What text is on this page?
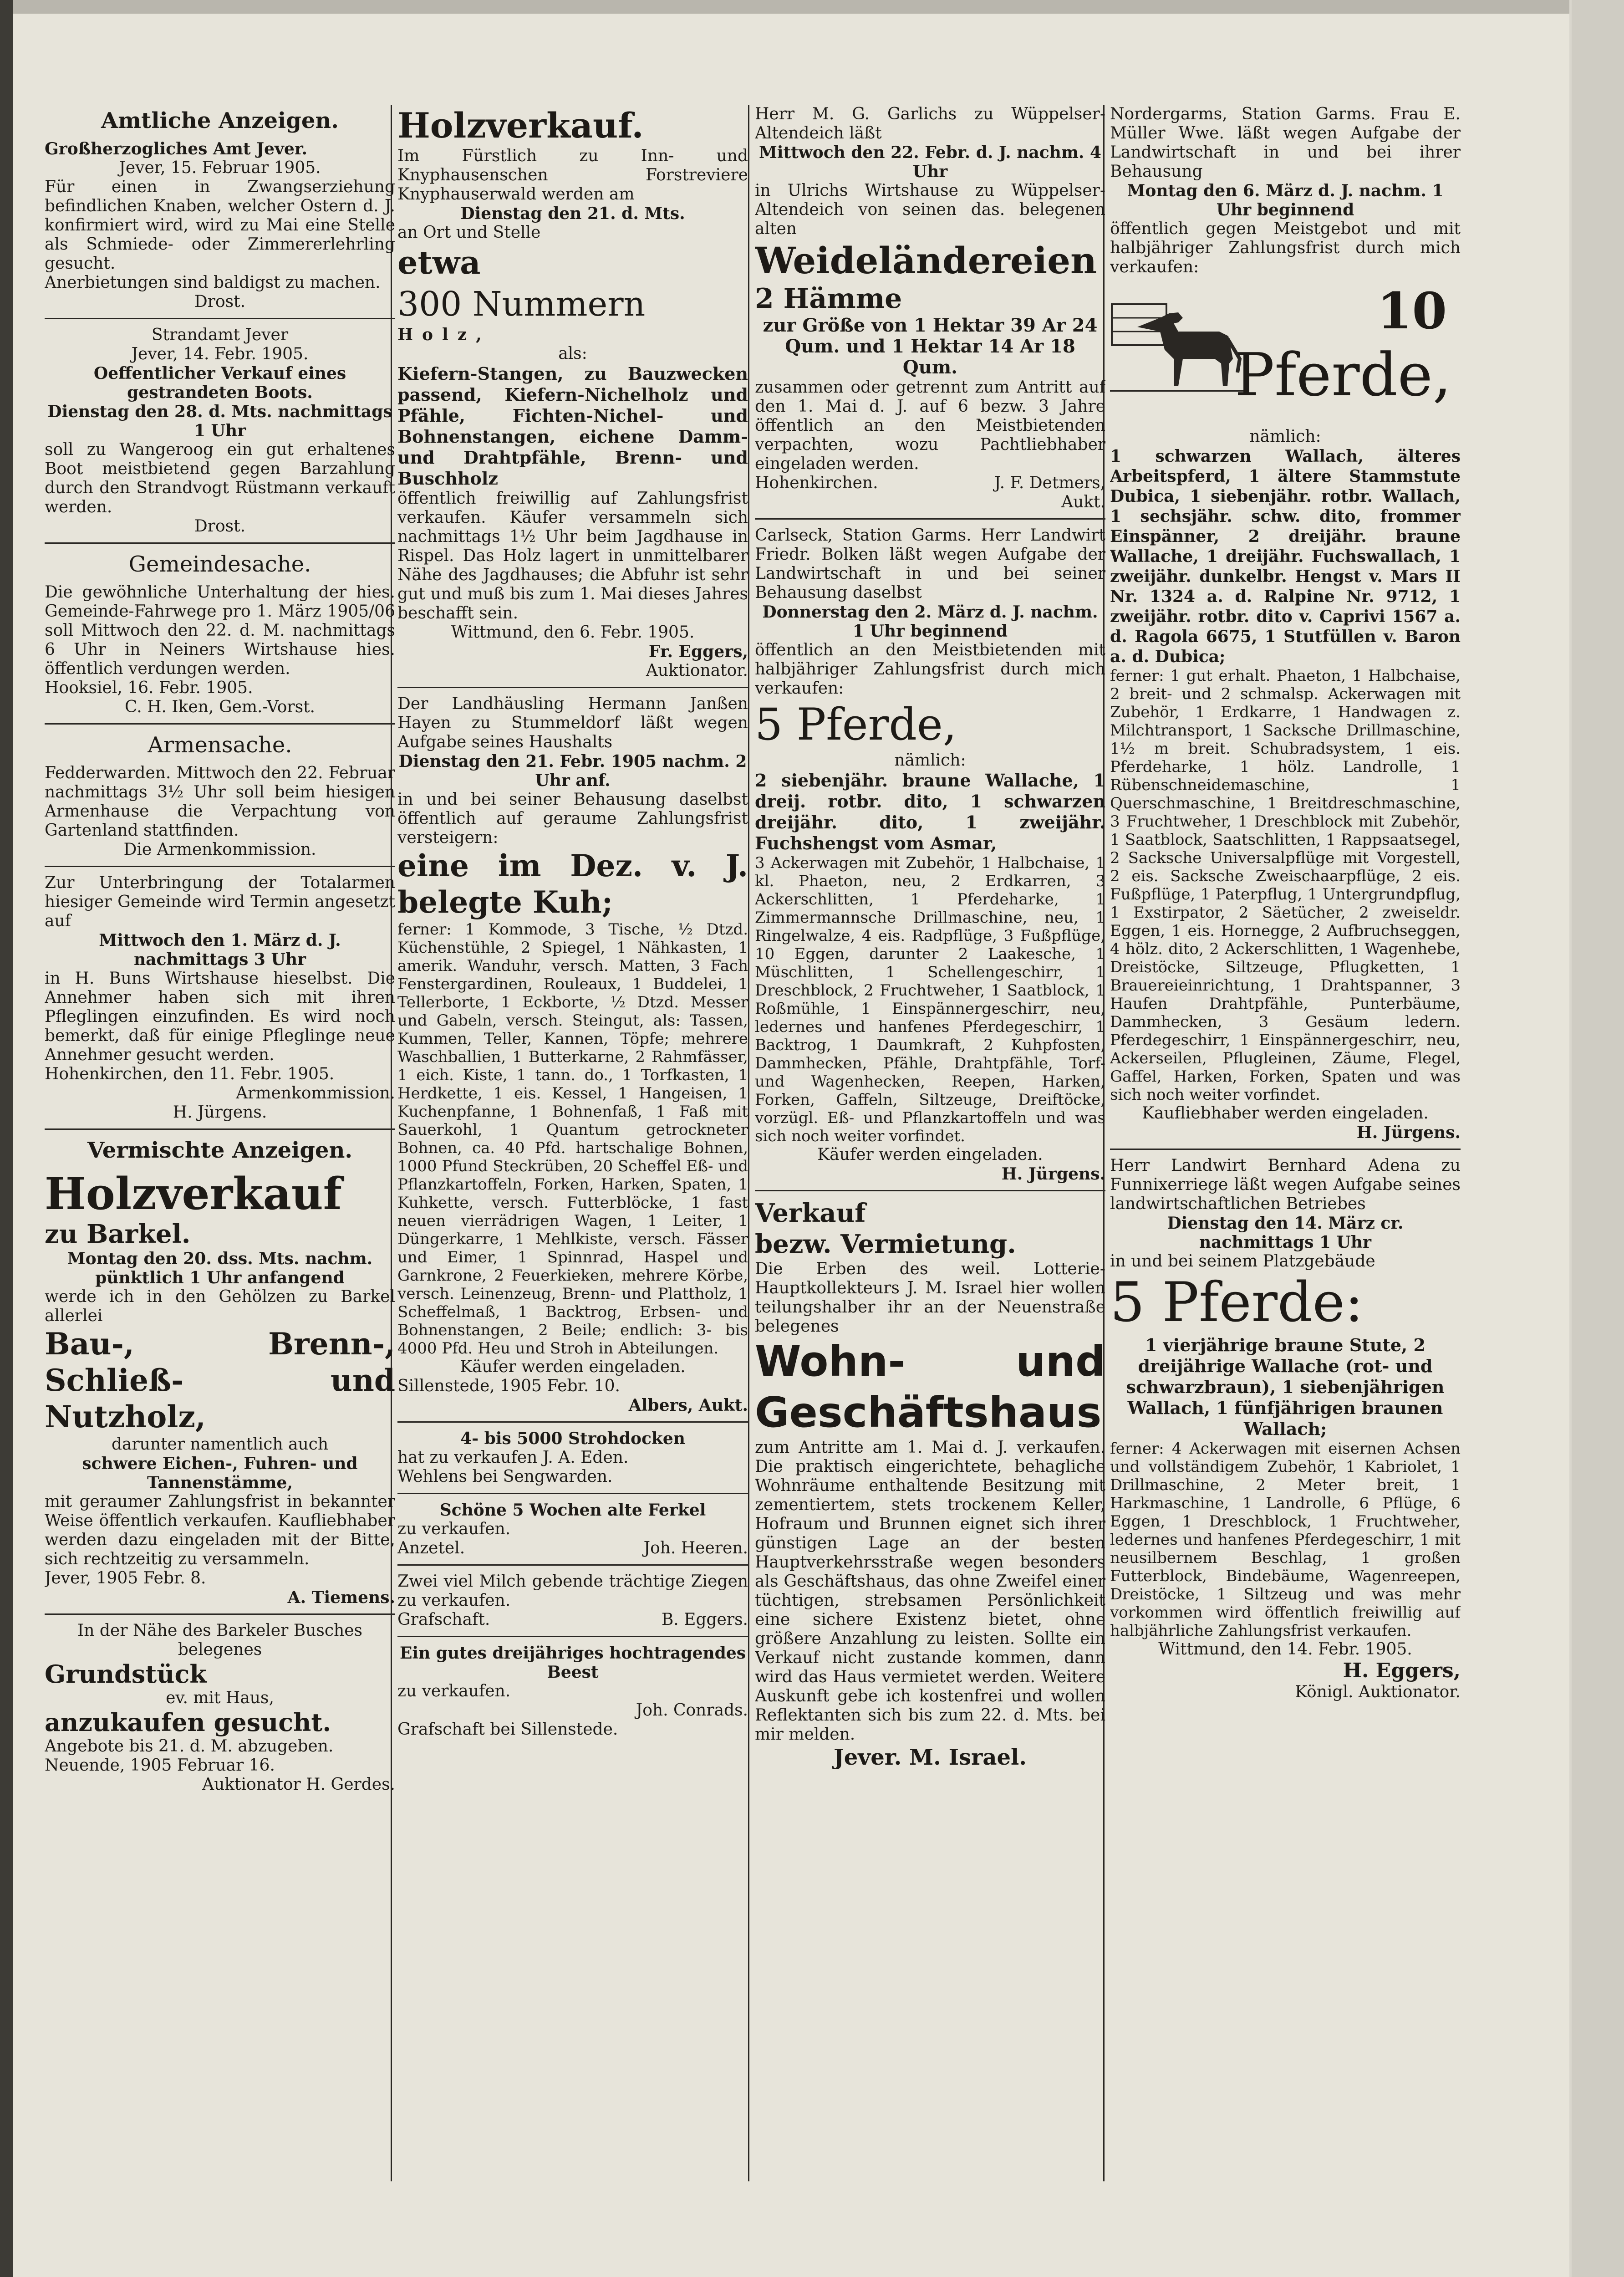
Amtliche Anzeigen.

Großherzogliches Amt Jever.

Jever, 15. Februar 1905.

Für einen in Zwangserziehung befindlichen Knaben, welcher Ostern d. J. konfirmiert wird, wird zu Mai eine Stelle als Schmiede- oder Zimmererlehrling gesucht.

Anerbietungen sind baldigst zu machen.

Drost.

Strandamt Jever

Jever, 14. Febr. 1905.

Oeffentlicher Verkauf eines gestrandeten Boots.

Dienstag den 28. d. Mts. nachmittags 1 Uhr

soll zu Wangeroog ein gut erhaltenes Boot meistbietend gegen Barzahlung durch den Strandvogt Rüstmann verkauft werden.

Drost.

Gemeindesache.

Die gewöhnliche Unterhaltung der hies. Gemeinde-Fahrwege pro 1. März 1905/06 soll Mittwoch den 22. d. M. nachmittags 6 Uhr in Neiners Wirtshause hies. öffentlich verdungen werden.

Hooksiel, 16. Febr. 1905.

C. H. Iken, Gem.-Vorst.

Armensache.

Fedderwarden. Mittwoch den 22. Februar nachmittags 3½ Uhr soll beim hiesigen Armenhause die Verpachtung von Gartenland stattfinden.

Die Armenkommission.

Zur Unterbringung der Totalarmen hiesiger Gemeinde wird Termin angesetzt auf

Mittwoch den 1. März d. J. nachmittags 3 Uhr

in H. Buns Wirtshause hieselbst. Die Annehmer haben sich mit ihren Pfleglingen einzufinden. Es wird noch bemerkt, daß für einige Pfleglinge neue Annehmer gesucht werden.

Hohenkirchen, den 11. Febr. 1905.

Armenkommission.

H. Jürgens.

Vermischte Anzeigen.

Holzverkauf

zu Barkel.

Montag den 20. dss. Mts. nachm. pünktlich 1 Uhr anfangend

werde ich in den Gehölzen zu Barkel allerlei

Bau-, Brenn-, Schließ- und Nutzholz,

darunter namentlich auch

schwere Eichen-, Fuhren- und Tannenstämme,

mit geraumer Zahlungsfrist in bekannter Weise öffentlich verkaufen. Kaufliebhaber werden dazu eingeladen mit der Bitte, sich rechtzeitig zu versammeln.

Jever, 1905 Febr. 8.

A. Tiemens.

In der Nähe des Barkeler Busches belegenes

Grundstück

ev. mit Haus,

anzukaufen gesucht.

Angebote bis 21. d. M. abzugeben.

Neuende, 1905 Februar 16.

Auktionator H. Gerdes.

Holzverkauf.

Im Fürstlich zu Inn- und Knyphausenschen Forstreviere Knyphauserwald werden am

Dienstag den 21. d. Mts.

an Ort und Stelle

etwa

300 Nummern

Holz,

als:

Kiefern-Stangen, zu Bauzwecken passend, Kiefern-Nichelholz und Pfähle, Fichten-Nichel- und Bohnenstangen, eichene Damm- und Drahtpfähle, Brenn- und Buschholz

öffentlich freiwillig auf Zahlungsfrist verkaufen. Käufer versammeln sich nachmittags 1½ Uhr beim Jagdhause in Rispel. Das Holz lagert in unmittelbarer Nähe des Jagdhauses; die Abfuhr ist sehr gut und muß bis zum 1. Mai dieses Jahres beschafft sein.

Wittmund, den 6. Febr. 1905.

Fr. Eggers,

Auktionator.

Der Landhäusling Hermann Janßen Hayen zu Stummeldorf läßt wegen Aufgabe seines Haushalts

Dienstag den 21. Febr. 1905 nachm. 2 Uhr anf.

in und bei seiner Behausung daselbst öffentlich auf geraume Zahlungsfrist versteigern:

eine im Dez. v. J. belegte Kuh;

ferner: 1 Kommode, 3 Tische, ½ Dtzd. Küchenstühle, 2 Spiegel, 1 Nähkasten, 1 amerik. Wanduhr, versch. Matten, 3 Fach Fenstergardinen, Rouleaux, 1 Buddelei, 1 Tellerborte, 1 Eckborte, ½ Dtzd. Messer und Gabeln, versch. Steingut, als: Tassen, Kummen, Teller, Kannen, Töpfe; mehrere Waschballien, 1 Butterkarne, 2 Rahmfässer, 1 eich. Kiste, 1 tann. do., 1 Torfkasten, 1 Herdkette, 1 eis. Kessel, 1 Hangeisen, 1 Kuchenpfanne, 1 Bohnenfaß, 1 Faß mit Sauerkohl, 1 Quantum getrockneter Bohnen, ca. 40 Pfd. hartschalige Bohnen, 1000 Pfund Steckrüben, 20 Scheffel Eß- und Pflanzkartoffeln, Forken, Harken, Spaten, 1 Kuhkette, versch. Futterblöcke, 1 fast neuen vierrädrigen Wagen, 1 Leiter, 1 Düngerkarre, 1 Mehlkiste, versch. Fässer und Eimer, 1 Spinnrad, Haspel und Garnkrone, 2 Feuerkieken, mehrere Körbe, versch. Leinenzeug, Brenn- und Plattholz, 1 Scheffelmaß, 1 Backtrog, Erbsen- und Bohnenstangen, 2 Beile; endlich: 3- bis 4000 Pfd. Heu und Stroh in Abteilungen.

Käufer werden eingeladen.

Sillenstede, 1905 Febr. 10.

Albers, Aukt.

4- bis 5000 Strohdocken

hat zu verkaufen J. A. Eden.

Wehlens bei Sengwarden.

Schöne 5 Wochen alte Ferkel

zu verkaufen.

Anzetel.	Joh. Heeren.

Zwei viel Milch gebende trächtige Ziegen zu verkaufen.

Grafschaft.	B. Eggers.

Ein gutes dreijähriges hochtragendes Beest

zu verkaufen.

Joh. Conrads.

Grafschaft bei Sillenstede.

Herr M. G. Garlichs zu Wüppelser-Altendeich läßt

Mittwoch den 22. Febr. d. J. nachm. 4 Uhr

in Ulrichs Wirtshause zu Wüppelser-Altendeich von seinen das. belegenen alten

Weideländereien

2 Hämme

zur Größe von 1 Hektar 39 Ar 24 Qum. und 1 Hektar 14 Ar 18 Qum.

zusammen oder getrennt zum Antritt auf den 1. Mai d. J. auf 6 bezw. 3 Jahre öffentlich an den Meistbietenden verpachten, wozu Pachtliebhaber eingeladen werden.

Hohenkirchen.	J. F. Detmers,

Aukt.

Carlseck, Station Garms. Herr Landwirt Friedr. Bolken läßt wegen Aufgabe der Landwirtschaft in und bei seiner Behausung daselbst

Donnerstag den 2. März d. J. nachm. 1 Uhr beginnend

öffentlich an den Meistbietenden mit halbjähriger Zahlungsfrist durch mich verkaufen:

5 Pferde,

nämlich:

2 siebenjähr. braune Wallache, 1 dreij. rotbr. dito, 1 schwarzen dreijähr. dito, 1 zweijähr. Fuchshengst vom Asmar,

3 Ackerwagen mit Zubehör, 1 Halbchaise, 1 kl. Phaeton, neu, 2 Erdkarren, 3 Ackerschlitten, 1 Pferdeharke, 1 Zimmermannsche Drillmaschine, neu, 1 Ringelwalze, 4 eis. Radpflüge, 3 Fußpflüge, 10 Eggen, darunter 2 Laakesche, 1 Müschlitten, 1 Schellengeschirr, 1 Dreschblock, 2 Fruchtweher, 1 Saatblock, 1 Roßmühle, 1 Einspännergeschirr, neu, ledernes und hanfenes Pferdegeschirr, 1 Backtrog, 1 Daumkraft, 2 Kuhpfosten, Dammhecken, Pfähle, Drahtpfähle, Torf- und Wagenhecken, Reepen, Harken, Forken, Gaffeln, Siltzeuge, Dreiftöcke, vorzügl. Eß- und Pflanzkartoffeln und was sich noch weiter vorfindet.

Käufer werden eingeladen.

H. Jürgens.

Verkauf

bezw. Vermietung.

Die Erben des weil. Lotterie-Hauptkollekteurs J. M. Israel hier wollen teilungshalber ihr an der Neuenstraße belegenes

Wohn- und Geschäftshaus

zum Antritte am 1. Mai d. J. verkaufen. Die praktisch eingerichtete, behagliche Wohnräume enthaltende Besitzung mit zementiertem, stets trockenem Keller, Hofraum und Brunnen eignet sich ihrer günstigen Lage an der besten Hauptverkehrsstraße wegen besonders als Geschäftshaus, das ohne Zweifel einer tüchtigen, strebsamen Persönlichkeit eine sichere Existenz bietet, ohne größere Anzahlung zu leisten. Sollte ein Verkauf nicht zustande kommen, dann wird das Haus vermietet werden. Weitere Auskunft gebe ich kostenfrei und wollen Reflektanten sich bis zum 22. d. Mts. bei mir melden.

Jever. M. Israel.

Nordergarms, Station Garms. Frau E. Müller Wwe. läßt wegen Aufgabe der Landwirtschaft in und bei ihrer Behausung

Montag den 6. März d. J. nachm. 1 Uhr beginnend

öffentlich gegen Meistgebot und mit halbjähriger Zahlungsfrist durch mich verkaufen:

10

Pferde,

nämlich:

1 schwarzen Wallach, älteres Arbeitspferd, 1 ältere Stammstute Dubica, 1 siebenjähr. rotbr. Wallach, 1 sechsjähr. schw. dito, frommer Einspänner, 2 dreijähr. braune Wallache, 1 dreijähr. Fuchswallach, 1 zweijähr. dunkelbr. Hengst v. Mars II Nr. 1324 a. d. Ralpine Nr. 9712, 1 zweijähr. rotbr. dito v. Caprivi 1567 a. d. Ragola 6675, 1 Stutfüllen v. Baron a. d. Dubica;

ferner: 1 gut erhalt. Phaeton, 1 Halbchaise, 2 breit- und 2 schmalsp. Ackerwagen mit Zubehör, 1 Erdkarre, 1 Handwagen z. Milchtransport, 1 Sacksche Drillmaschine, 1½ m breit. Schubradsystem, 1 eis. Pferdeharke, 1 hölz. Landrolle, 1 Rübenschneidemaschine, 1 Querschmaschine, 1 Breitdreschmaschine, 3 Fruchtweher, 1 Dreschblock mit Zubehör, 1 Saatblock, Saatschlitten, 1 Rappsaatsegel, 2 Sacksche Universalpflüge mit Vorgestell, 2 eis. Sacksche Zweischaarpflüge, 2 eis. Fußpflüge, 1 Paterpflug, 1 Untergrundpflug, 1 Exstirpator, 2 Säetücher, 2 zweiseldr. Eggen, 1 eis. Hornegge, 2 Aufbruchseggen, 4 hölz. dito, 2 Ackerschlitten, 1 Wagenhebe, Dreistöcke, Siltzeuge, Pflugketten, 1 Brauereieinrichtung, 1 Drahtspanner, 3 Haufen Drahtpfähle, Punterbäume, Dammhecken, 3 Gesäum ledern. Pferdegeschirr, 1 Einspännergeschirr, neu, Ackerseilen, Pflugleinen, Zäume, Flegel, Gaffel, Harken, Forken, Spaten und was sich noch weiter vorfindet.

Kaufliebhaber werden eingeladen.

H. Jürgens.

Herr Landwirt Bernhard Adena zu Funnixerriege läßt wegen Aufgabe seines landwirtschaftlichen Betriebes

Dienstag den 14. März cr. nachmittags 1 Uhr

in und bei seinem Platzgebäude

5 Pferde:

1 vierjährige braune Stute, 2 dreijährige Wallache (rot- und schwarzbraun), 1 siebenjährigen Wallach, 1 fünfjährigen braunen Wallach;

ferner: 4 Ackerwagen mit eisernen Achsen und vollständigem Zubehör, 1 Kabriolet, 1 Drillmaschine, 2 Meter breit, 1 Harkmaschine, 1 Landrolle, 6 Pflüge, 6 Eggen, 1 Dreschblock, 1 Fruchtweher, ledernes und hanfenes Pferdegeschirr, 1 mit neusilbernem Beschlag, 1 großen Futterblock, Bindebäume, Wagenreepen, Dreistöcke, 1 Siltzeug und was mehr vorkommen wird öffentlich freiwillig auf halbjährliche Zahlungsfrist verkaufen.

Wittmund, den 14. Febr. 1905.

H. Eggers,

Königl. Auktionator.
